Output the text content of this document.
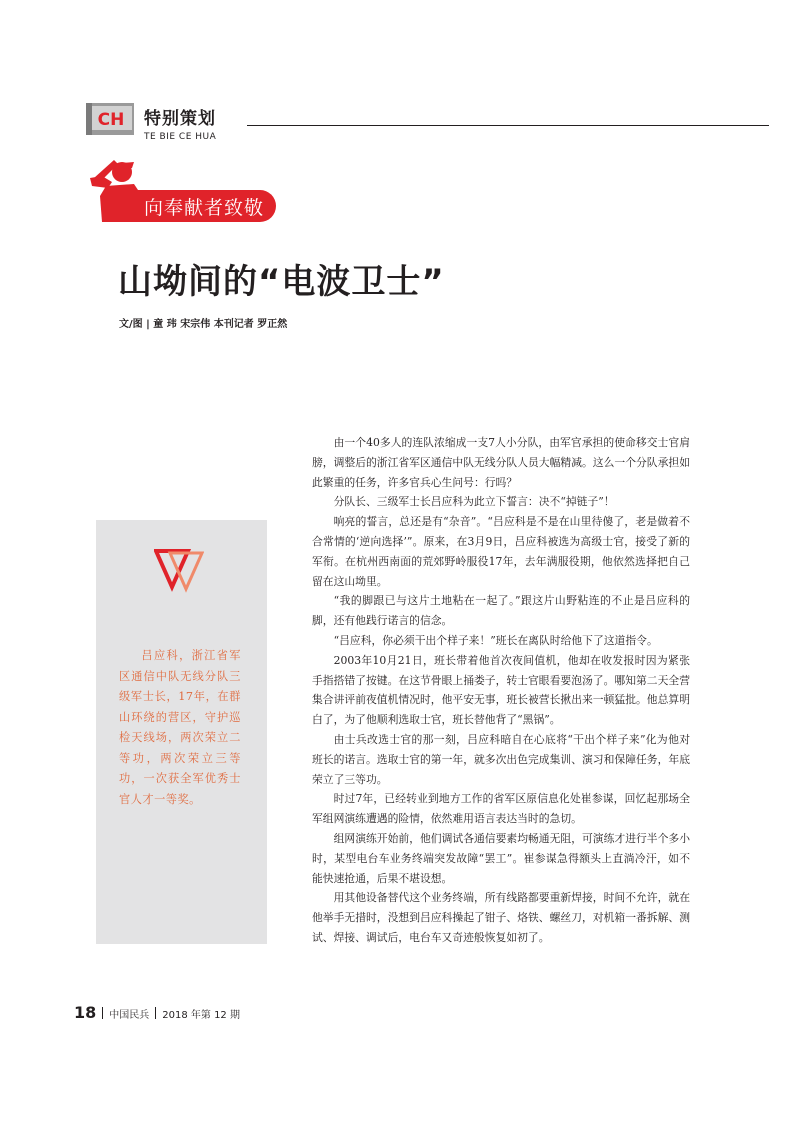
CH 特别策划
TE BIE CE HUA
向奉献者致敬
山坳间的“电波卫士”
文/图 | 童 玮 宋宗伟 本刊记者 罗正然
吕应科，浙江省军区通信中队无线分队三级军士长，17年，在群山环绕的营区，守护巡检天线场，两次荣立二等功，两次荣立三等功，一次获全军优秀士官人才一等奖。

由一个40多人的连队浓缩成一支7人小分队，由军官承担的使命移交士官肩膀，调整后的浙江省军区通信中队无线分队人员大幅精减。这么一个分队承担如此繁重的任务，许多官兵心生问号：行吗？

分队长、三级军士长吕应科为此立下誓言：决不“掉链子”！

响亮的誓言，总还是有“杂音”。“吕应科是不是在山里待傻了，老是做着不合常情的‘逆向选择’”。原来，在3月9日，吕应科被选为高级士官，接受了新的军衔。在杭州西南面的荒郊野岭服役17年，去年满服役期，他依然选择把自己留在这山坳里。

“我的脚跟已与这片土地粘在一起了。”跟这片山野粘连的不止是吕应科的脚，还有他践行诺言的信念。

“吕应科，你必须干出个样子来！”班长在离队时给他下了这道指令。

2003年10月21日，班长带着他首次夜间值机，他却在收发报时因为紧张手指搭错了按键。在这节骨眼上捅娄子，转士官眼看要泡汤了。哪知第二天全营集合讲评前夜值机情况时，他平安无事，班长被营长揪出来一顿猛批。他总算明白了，为了他顺利选取士官，班长替他背了“黑锅”。

由士兵改选士官的那一刻，吕应科暗自在心底将“干出个样子来”化为他对班长的诺言。选取士官的第一年，就多次出色完成集训、演习和保障任务，年底荣立了三等功。

时过7年，已经转业到地方工作的省军区原信息化处崔参谋，回忆起那场全军组网演练遭遇的险情，依然难用语言表达当时的急切。

组网演练开始前，他们调试各通信要素均畅通无阻，可演练才进行半个多小时，某型电台车业务终端突发故障“罢工”。崔参谋急得额头上直淌冷汗，如不能快速抢通，后果不堪设想。

用其他设备替代这个业务终端，所有线路都要重新焊接，时间不允许，就在他举手无措时，没想到吕应科操起了钳子、烙铁、螺丝刀，对机箱一番拆解、测试、焊接、调试后，电台车又奇迹般恢复如初了。

18 中国民兵 2018 年第 12 期
